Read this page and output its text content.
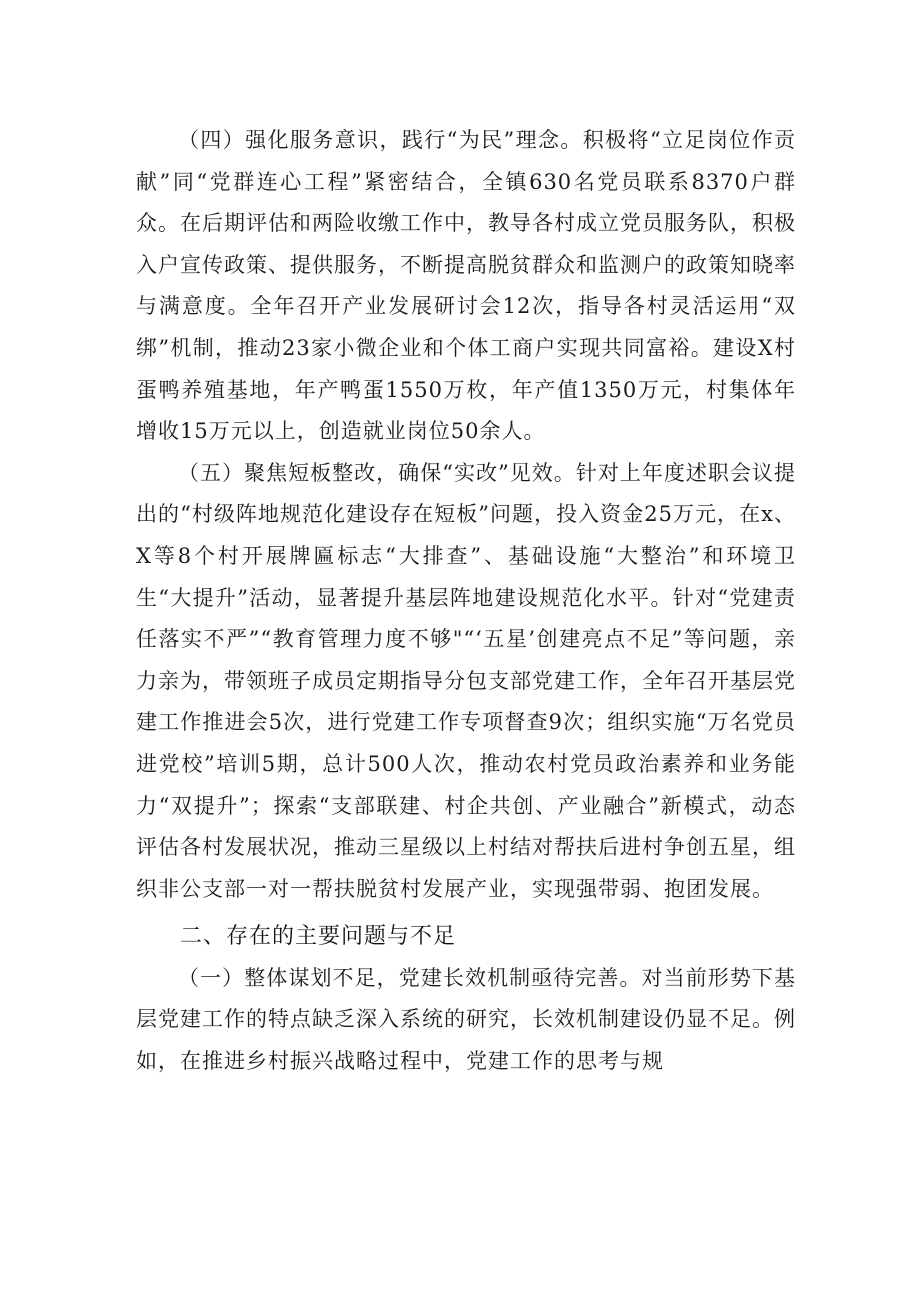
（四）强化服务意识，践行“为民”理念。积极将“立足岗位作贡献”同“党群连心工程”紧密结合，全镇630名党员联系8370户群众。在后期评估和两险收缴工作中，教导各村成立党员服务队，积极入户宣传政策、提供服务，不断提高脱贫群众和监测户的政策知晓率与满意度。全年召开产业发展研讨会12次，指导各村灵活运用“双绑”机制，推动23家小微企业和个体工商户实现共同富裕。建设X村蛋鸭养殖基地，年产鸭蛋1550万枚，年产值1350万元，村集体年增收15万元以上，创造就业岗位50余人。

（五）聚焦短板整改，确保“实改”见效。针对上年度述职会议提出的“村级阵地规范化建设存在短板”问题，投入资金25万元，在x、X等8个村开展牌匾标志“大排查”、基础设施“大整治”和环境卫生“大提升”活动，显著提升基层阵地建设规范化水平。针对“党建责任落实不严”“教育管理力度不够"“‘五星’创建亮点不足”等问题，亲力亲为，带领班子成员定期指导分包支部党建工作，全年召开基层党建工作推进会5次，进行党建工作专项督查9次；组织实施“万名党员进党校”培训5期，总计500人次，推动农村党员政治素养和业务能力“双提升”；探索“支部联建、村企共创、产业融合”新模式，动态评估各村发展状况，推动三星级以上村结对帮扶后进村争创五星，组织非公支部一对一帮扶脱贫村发展产业，实现强带弱、抱团发展。

二、存在的主要问题与不足

（一）整体谋划不足，党建长效机制亟待完善。对当前形势下基层党建工作的特点缺乏深入系统的研究，长效机制建设仍显不足。例如，在推进乡村振兴战略过程中，党建工作的思考与规
